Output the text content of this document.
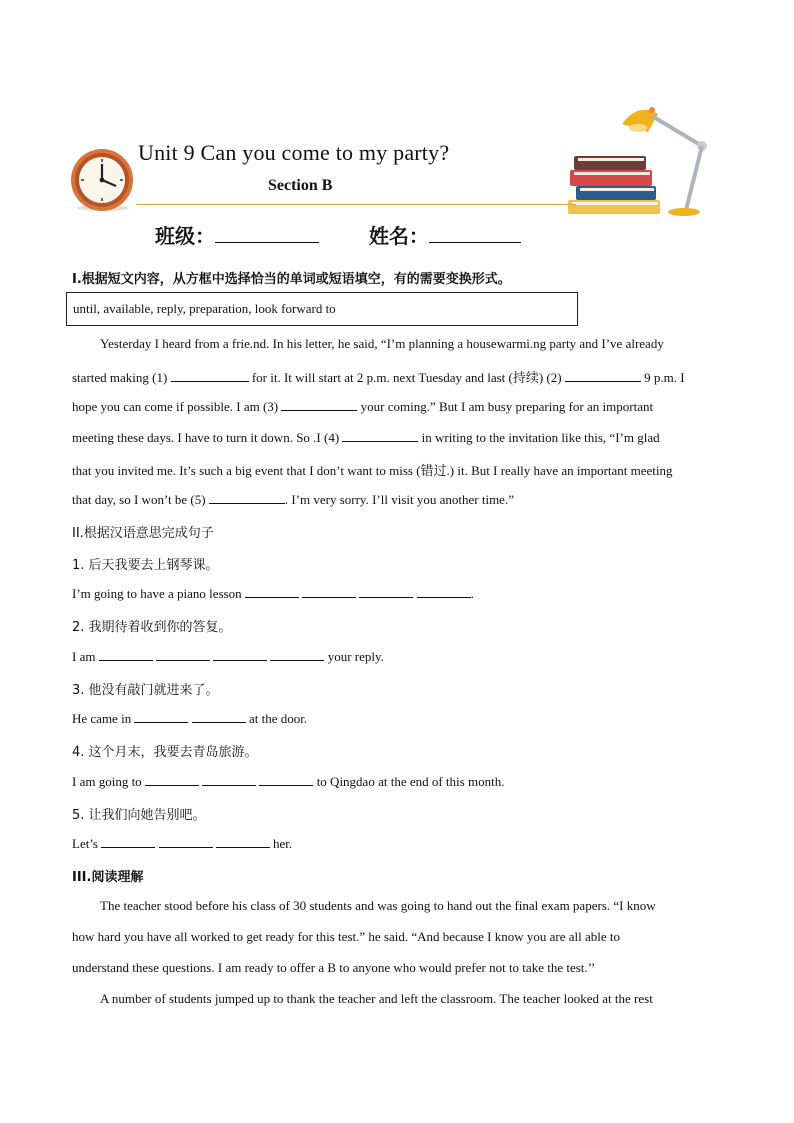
Unit 9 Can you come to my party?
Section B
班级：	姓名：
I.根据短文内容，从方框中选择恰当的单词或短语填空，有的需要变换形式。
until, available, reply, preparation, look forward to
Yesterday I heard from a frie.nd. In his letter, he said, “I’m planning a housewarmi.ng party and I’ve already
started making (1)	for it. It will start at 2 p.m. next Tuesday and last (持续) (2)	9 p.m. I
hope you can come if possible. I am (3)	your coming.” But I am busy preparing for an important
meeting these days. I have to turn it down. So .I (4)	in writing to the invitation like this, “I’m glad
that you invited me. It’s such a big event that I don’t want to miss (错过.) it. But I really have an important meeting
that day, so I won’t be (5)	. I’m very sorry. I’ll visit you another time.”
II.根据汉语意思完成句子
1. 后天我要去上钢琴课。
I’m going to have a piano lesson	.
2. 我期待着收到你的答复。
I am	your reply.
3. 他没有敲门就进来了。
He came in	at the door.
4. 这个月末，我要去青岛旅游。
I am going to	to Qingdao at the end of this month.
5. 让我们向她告别吧。
Let’s	her.
III.阅读理解
The teacher stood before his class of 30 students and was going to hand out the final exam papers. “I know
how hard you have all worked to get ready for this test.” he said. “And because I know you are all able to
understand these questions. I am ready to offer a B to anyone who would prefer not to take the test.’’
A number of students jumped up to thank the teacher and left the classroom. The teacher looked at the rest
